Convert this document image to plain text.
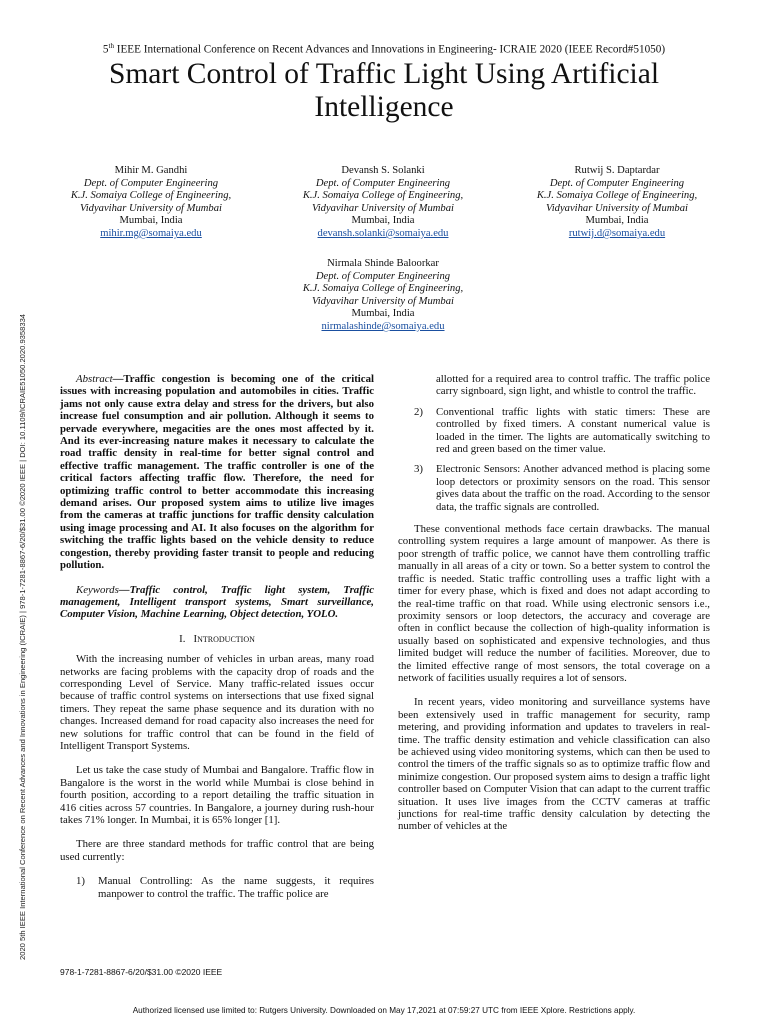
5th IEEE International Conference on Recent Advances and Innovations in Engineering- ICRAIE 2020 (IEEE Record#51050)
Smart Control of Traffic Light Using Artificial
Intelligence
Mihir M. Gandhi
Dept. of Computer Engineering
K.J. Somaiya College of Engineering,
Vidyavihar University of Mumbai
Mumbai, India
mihir.mg@somaiya.edu
Devansh S. Solanki
Dept. of Computer Engineering
K.J. Somaiya College of Engineering,
Vidyavihar University of Mumbai
Mumbai, India
devansh.solanki@somaiya.edu
Rutwij S. Daptardar
Dept. of Computer Engineering
K.J. Somaiya College of Engineering,
Vidyavihar University of Mumbai
Mumbai, India
rutwij.d@somaiya.edu
Nirmala Shinde Baloorkar
Dept. of Computer Engineering
K.J. Somaiya College of Engineering,
Vidyavihar University of Mumbai
Mumbai, India
nirmalashinde@somaiya.edu

Abstract—Traffic congestion is becoming one of the critical issues with increasing population and automobiles in cities. Traffic jams not only cause extra delay and stress for the drivers, but also increase fuel consumption and air pollution. Although it seems to pervade everywhere, megacities are the ones most affected by it. And its ever-increasing nature makes it necessary to calculate the road traffic density in real-time for better signal control and effective traffic management. The traffic controller is one of the critical factors affecting traffic flow. Therefore, the need for optimizing traffic control to better accommodate this increasing demand arises. Our proposed system aims to utilize live images from the cameras at traffic junctions for traffic density calculation using image processing and AI. It also focuses on the algorithm for switching the traffic lights based on the vehicle density to reduce congestion, thereby providing faster transit to people and reducing pollution.

Keywords—Traffic control, Traffic light system, Traffic management, Intelligent transport systems, Smart surveillance, Computer Vision, Machine Learning, Object detection, YOLO.

I. Introduction

With the increasing number of vehicles in urban areas, many road networks are facing problems with the capacity drop of roads and the corresponding Level of Service. Many traffic-related issues occur because of traffic control systems on intersections that use fixed signal timers. They repeat the same phase sequence and its duration with no changes. Increased demand for road capacity also increases the need for new solutions for traffic control that can be found in the field of Intelligent Transport Systems.

Let us take the case study of Mumbai and Bangalore. Traffic flow in Bangalore is the worst in the world while Mumbai is close behind in fourth position, according to a report detailing the traffic situation in 416 cities across 57 countries. In Bangalore, a journey during rush-hour takes 71% longer. In Mumbai, it is 65% longer [1].

There are three standard methods for traffic control that are being used currently:

1)	Manual Controlling: As the name suggests, it requires manpower to control the traffic. The traffic police are
allotted for a required area to control traffic. The traffic police carry signboard, sign light, and whistle to control the traffic.
2)	Conventional traffic lights with static timers: These are controlled by fixed timers. A constant numerical value is loaded in the timer. The lights are automatically switching to red and green based on the timer value.
3)	Electronic Sensors: Another advanced method is placing some loop detectors or proximity sensors on the road. This sensor gives data about the traffic on the road. According to the sensor data, the traffic signals are controlled.

These conventional methods face certain drawbacks. The manual controlling system requires a large amount of manpower. As there is poor strength of traffic police, we cannot have them controlling traffic manually in all areas of a city or town. So a better system to control the traffic is needed. Static traffic controlling uses a traffic light with a timer for every phase, which is fixed and does not adapt according to the real-time traffic on that road. While using electronic sensors i.e., proximity sensors or loop detectors, the accuracy and coverage are often in conflict because the collection of high-quality information is usually based on sophisticated and expensive technologies, and thus limited budget will reduce the number of facilities. Moreover, due to the limited effective range of most sensors, the total coverage on a network of facilities usually requires a lot of sensors.

In recent years, video monitoring and surveillance systems have been extensively used in traffic management for security, ramp metering, and providing information and updates to travelers in real-time. The traffic density estimation and vehicle classification can also be achieved using video monitoring systems, which can then be used to control the timers of the traffic signals so as to optimize traffic flow and minimize congestion. Our proposed system aims to design a traffic light controller based on Computer Vision that can adapt to the current traffic situation. It uses live images from the CCTV cameras at traffic junctions for real-time traffic density calculation by detecting the number of vehicles at the

2020 5th IEEE International Conference on Recent Advances and Innovations in Engineering (ICRAIE) | 978-1-7281-8867-6/20/$31.00 ©2020 IEEE | DOI: 10.1109/ICRAIE51050.2020.9358334
978-1-7281-8867-6/20/$31.00 ©2020 IEEE
Authorized licensed use limited to: Rutgers University. Downloaded on May 17,2021 at 07:59:27 UTC from IEEE Xplore. Restrictions apply.
